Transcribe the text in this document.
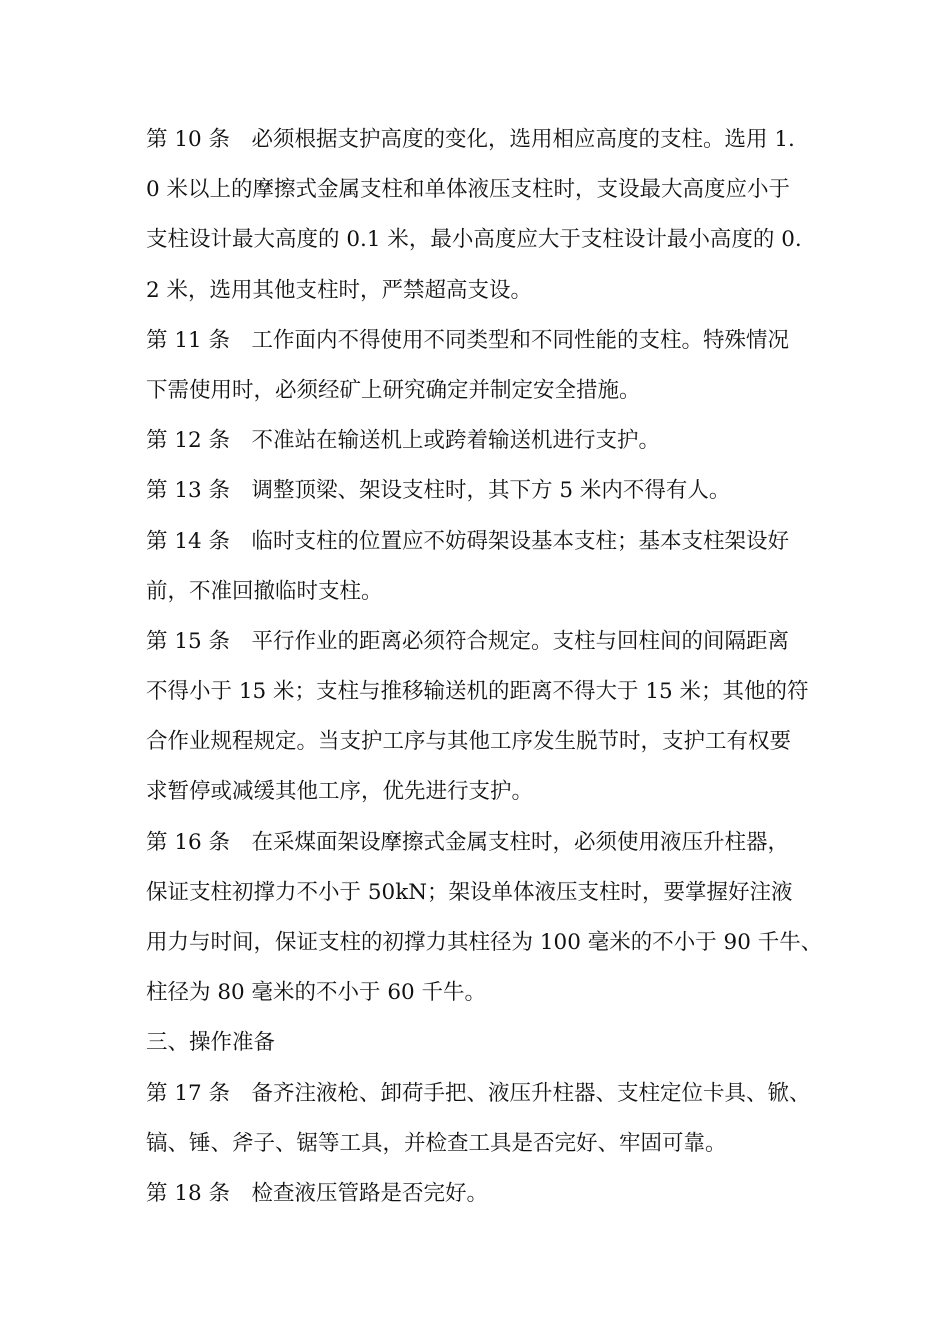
第 10 条　必须根据支护高度的变化，选用相应高度的支柱。选用 1.
0 米以上的摩擦式金属支柱和单体液压支柱时，支设最大高度应小于
支柱设计最大高度的 0.1 米，最小高度应大于支柱设计最小高度的 0.
2 米，选用其他支柱时，严禁超高支设。
第 11 条　工作面内不得使用不同类型和不同性能的支柱。特殊情况
下需使用时，必须经矿上研究确定并制定安全措施。
第 12 条　不准站在输送机上或跨着输送机进行支护。
第 13 条　调整顶梁、架设支柱时，其下方 5 米内不得有人。
第 14 条　临时支柱的位置应不妨碍架设基本支柱；基本支柱架设好
前，不准回撤临时支柱。
第 15 条　平行作业的距离必须符合规定。支柱与回柱间的间隔距离
不得小于 15 米；支柱与推移输送机的距离不得大于 15 米；其他的符
合作业规程规定。当支护工序与其他工序发生脱节时，支护工有权要
求暂停或减缓其他工序，优先进行支护。
第 16 条　在采煤面架设摩擦式金属支柱时，必须使用液压升柱器，
保证支柱初撑力不小于 50kN；架设单体液压支柱时，要掌握好注液
用力与时间，保证支柱的初撑力其柱径为 100 毫米的不小于 90 千牛、
柱径为 80 毫米的不小于 60 千牛。
三、操作准备
第 17 条　备齐注液枪、卸荷手把、液压升柱器、支柱定位卡具、锨、
镐、锤、斧子、锯等工具，并检查工具是否完好、牢固可靠。
第 18 条　检查液压管路是否完好。
